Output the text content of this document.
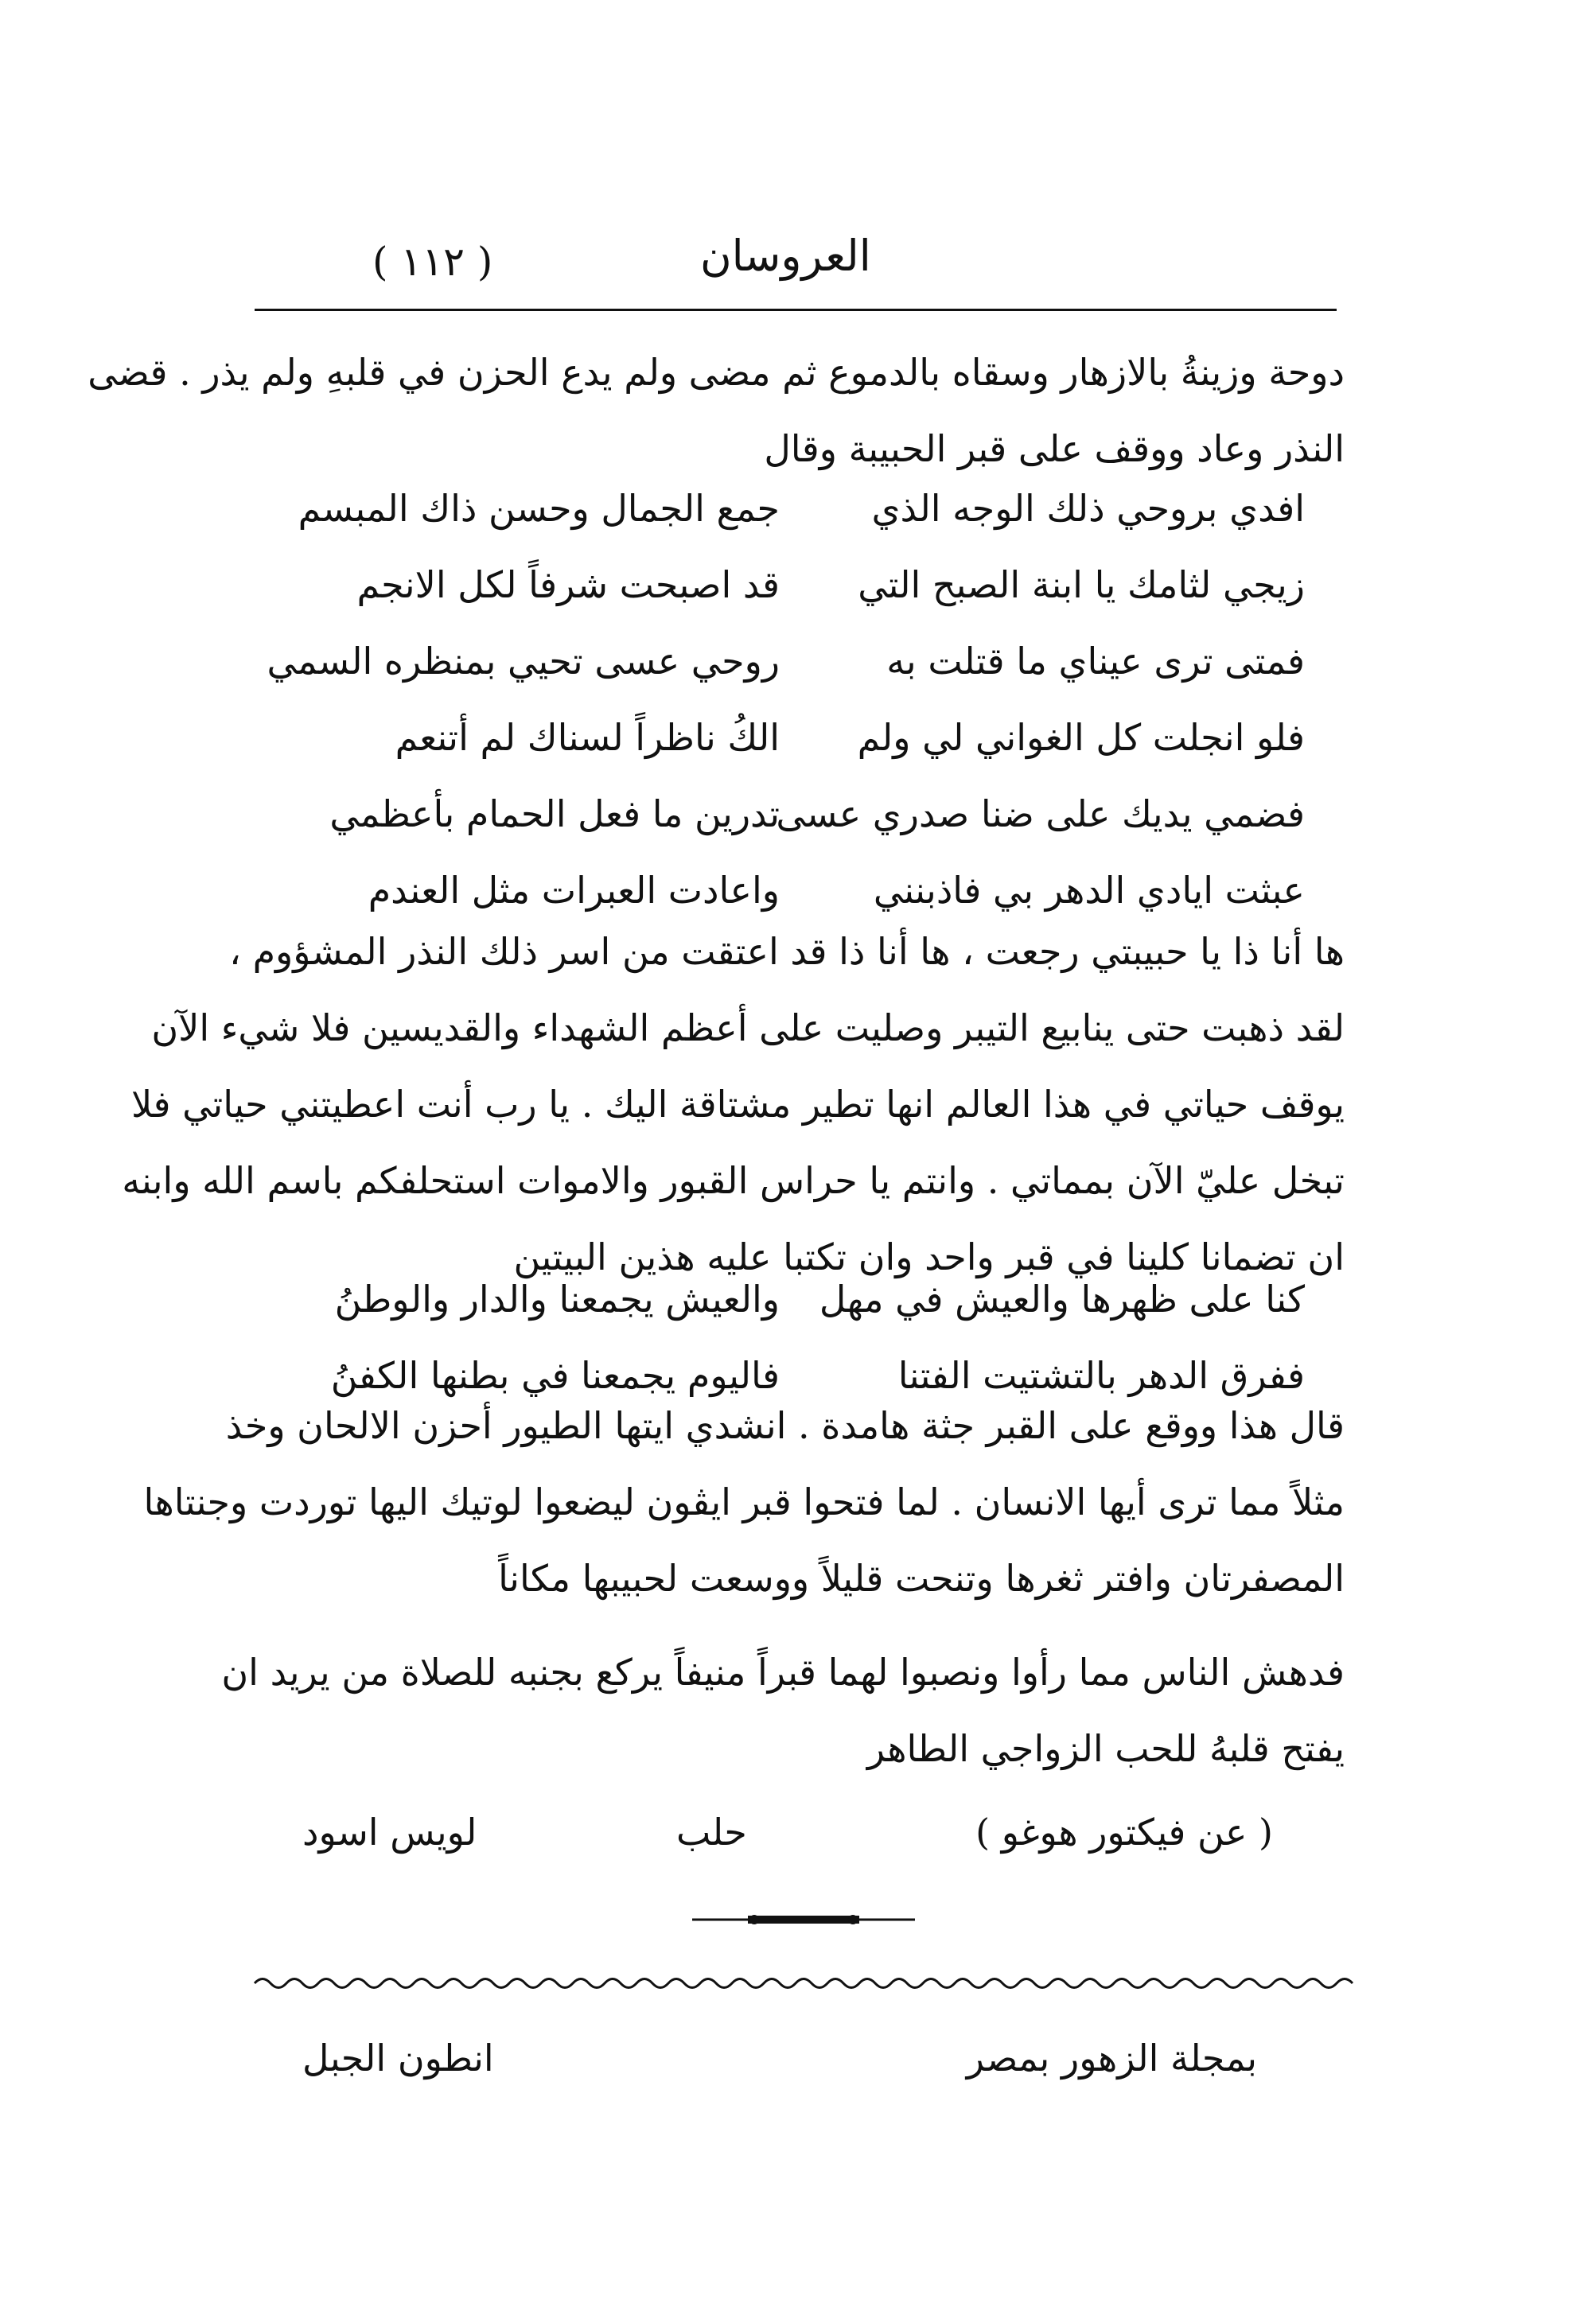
( ١١٢ )	العروسان
دوحة وزينةُ بالازهار وسقاه بالدموع ثم مضى ولم يدع الحزن في قلبهِ ولم يذر . قضى
النذر وعاد ووقف على قبر الحبيبة وقال
افدي بروحي ذلك الوجه الذي
جمع الجمال وحسن ذاك المبسم
زيجي لثامك يا ابنة الصبح التي
قد اصبحت شرفاً لكل الانجم
فمتى ترى عيناي ما قتلت به
روحي عسى تحيي بمنظره السمي
فلو انجلت كل الغواني لي ولم
الكُ ناظراً لسناك لم أتنعم
فضمي يديك على ضنا صدري عسى
تدرين ما فعل الحمام بأعظمي
عبثت ايادي الدهر بي فاذبنني
واعادت العبرات مثل العندم
ها أنا ذا يا حبيبتي رجعت ، ها أنا ذا قد اعتقت من اسر ذلك النذر المشؤوم ،
لقد ذهبت حتى ينابيع التيبر وصليت على أعظم الشهداء والقديسين فلا شيء الآن
يوقف حياتي في هذا العالم انها تطير مشتاقة اليك . يا رب أنت اعطيتني حياتي فلا
تبخل عليّ الآن بمماتي . وانتم يا حراس القبور والاموات استحلفكم باسم الله وابنه
ان تضمانا كلينا في قبر واحد وان تكتبا عليه هذين البيتين
كنا على ظهرها والعيش في مهل
والعيش يجمعنا والدار والوطنُ
ففرق الدهر بالتشتيت الفتنا
فاليوم يجمعنا في بطنها الكفنُ
قال هذا ووقع على القبر جثة هامدة . انشدي ايتها الطيور أحزن الالحان وخذ
مثلاً مما ترى أيها الانسان . لما فتحوا قبر ايڤون ليضعوا لوتيك اليها توردت وجنتاها
المصفرتان وافتر ثغرها وتنحت قليلاً ووسعت لحبيبها مكاناً
فدهش الناس مما رأوا ونصبوا لهما قبراً منيفاً يركع بجنبه للصلاة من يريد ان
يفتح قلبهُ للحب الزواجي الطاهر
( عن فيكتور هوغو )
حلب
لويس اسود
بمجلة الزهور بمصر
انطون الجبل
